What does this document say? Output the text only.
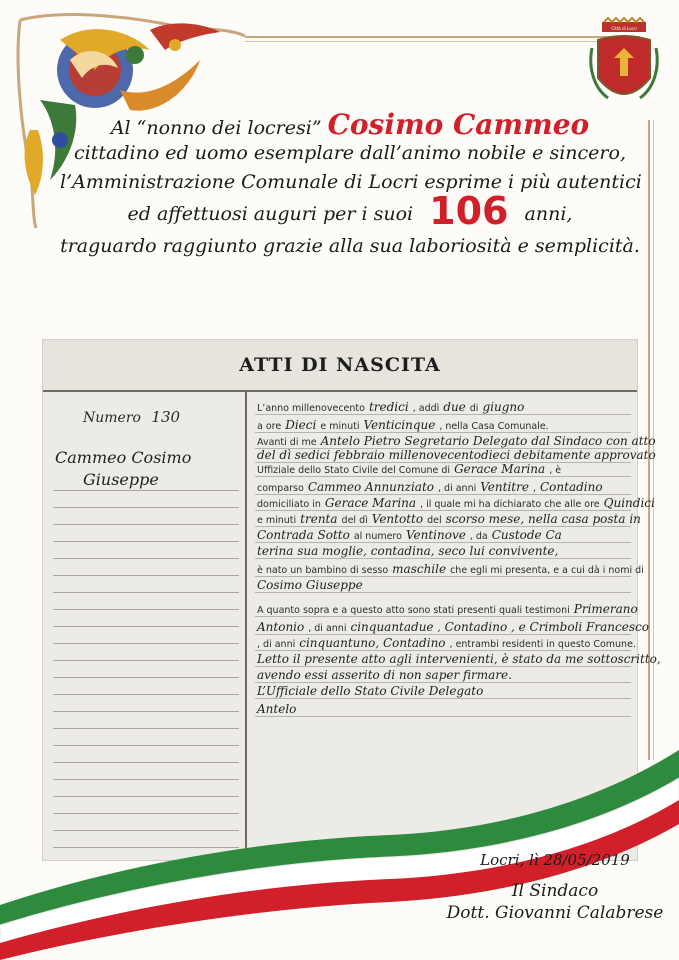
Città di Locri
Al “nonno dei locresi” Cosimo Cammeo
cittadino ed uomo esemplare dall’animo nobile e sincero,
l’Amministrazione Comunale di Locri esprime i più autentici
ed affettuosi auguri per i suoi 106 anni,
traguardo raggiunto grazie alla sua laboriosità e semplicità.
ATTI DI NASCITA
Numero 130
Cammeo Cosimo
Giuseppe
L’anno millenovecento tredici , addì due di giugno
a ore Dieci e minuti Venticinque , nella Casa Comunale.
Avanti di me Antelo Pietro Segretario Delegato dal Sindaco con atto
del dì sedici febbraio millenovecentodieci debitamente approvato
Uffiziale dello Stato Civile del Comune di Gerace Marina , è
comparso Cammeo Annunziato , di anni Ventitre , Contadino
domiciliato in Gerace Marina , il quale mi ha dichiarato che alle ore Quindici
e minuti trenta del dì Ventotto del scorso mese, nella casa posta in
Contrada Sotto al numero Ventinove , da Custode Ca
terina sua moglie, contadina, seco lui convivente,
è nato un bambino di sesso maschile che egli mi presenta, e a cui dà i nomi di
Cosimo Giuseppe
A quanto sopra e a questo atto sono stati presenti quali testimoni Primerano
Antonio , di anni cinquantadue , Contadino , e Crimboli Francesco
, di anni cinquantuno, Contadino , entrambi residenti in questo Comune.
Letto il presente atto agli intervenienti, è stato da me sottoscritto,
avendo essi asserito di non saper firmare.
L’Ufficiale dello Stato Civile Delegato
Antelo
Locri, lì 28/05/2019
Il Sindaco
Dott. Giovanni Calabrese
